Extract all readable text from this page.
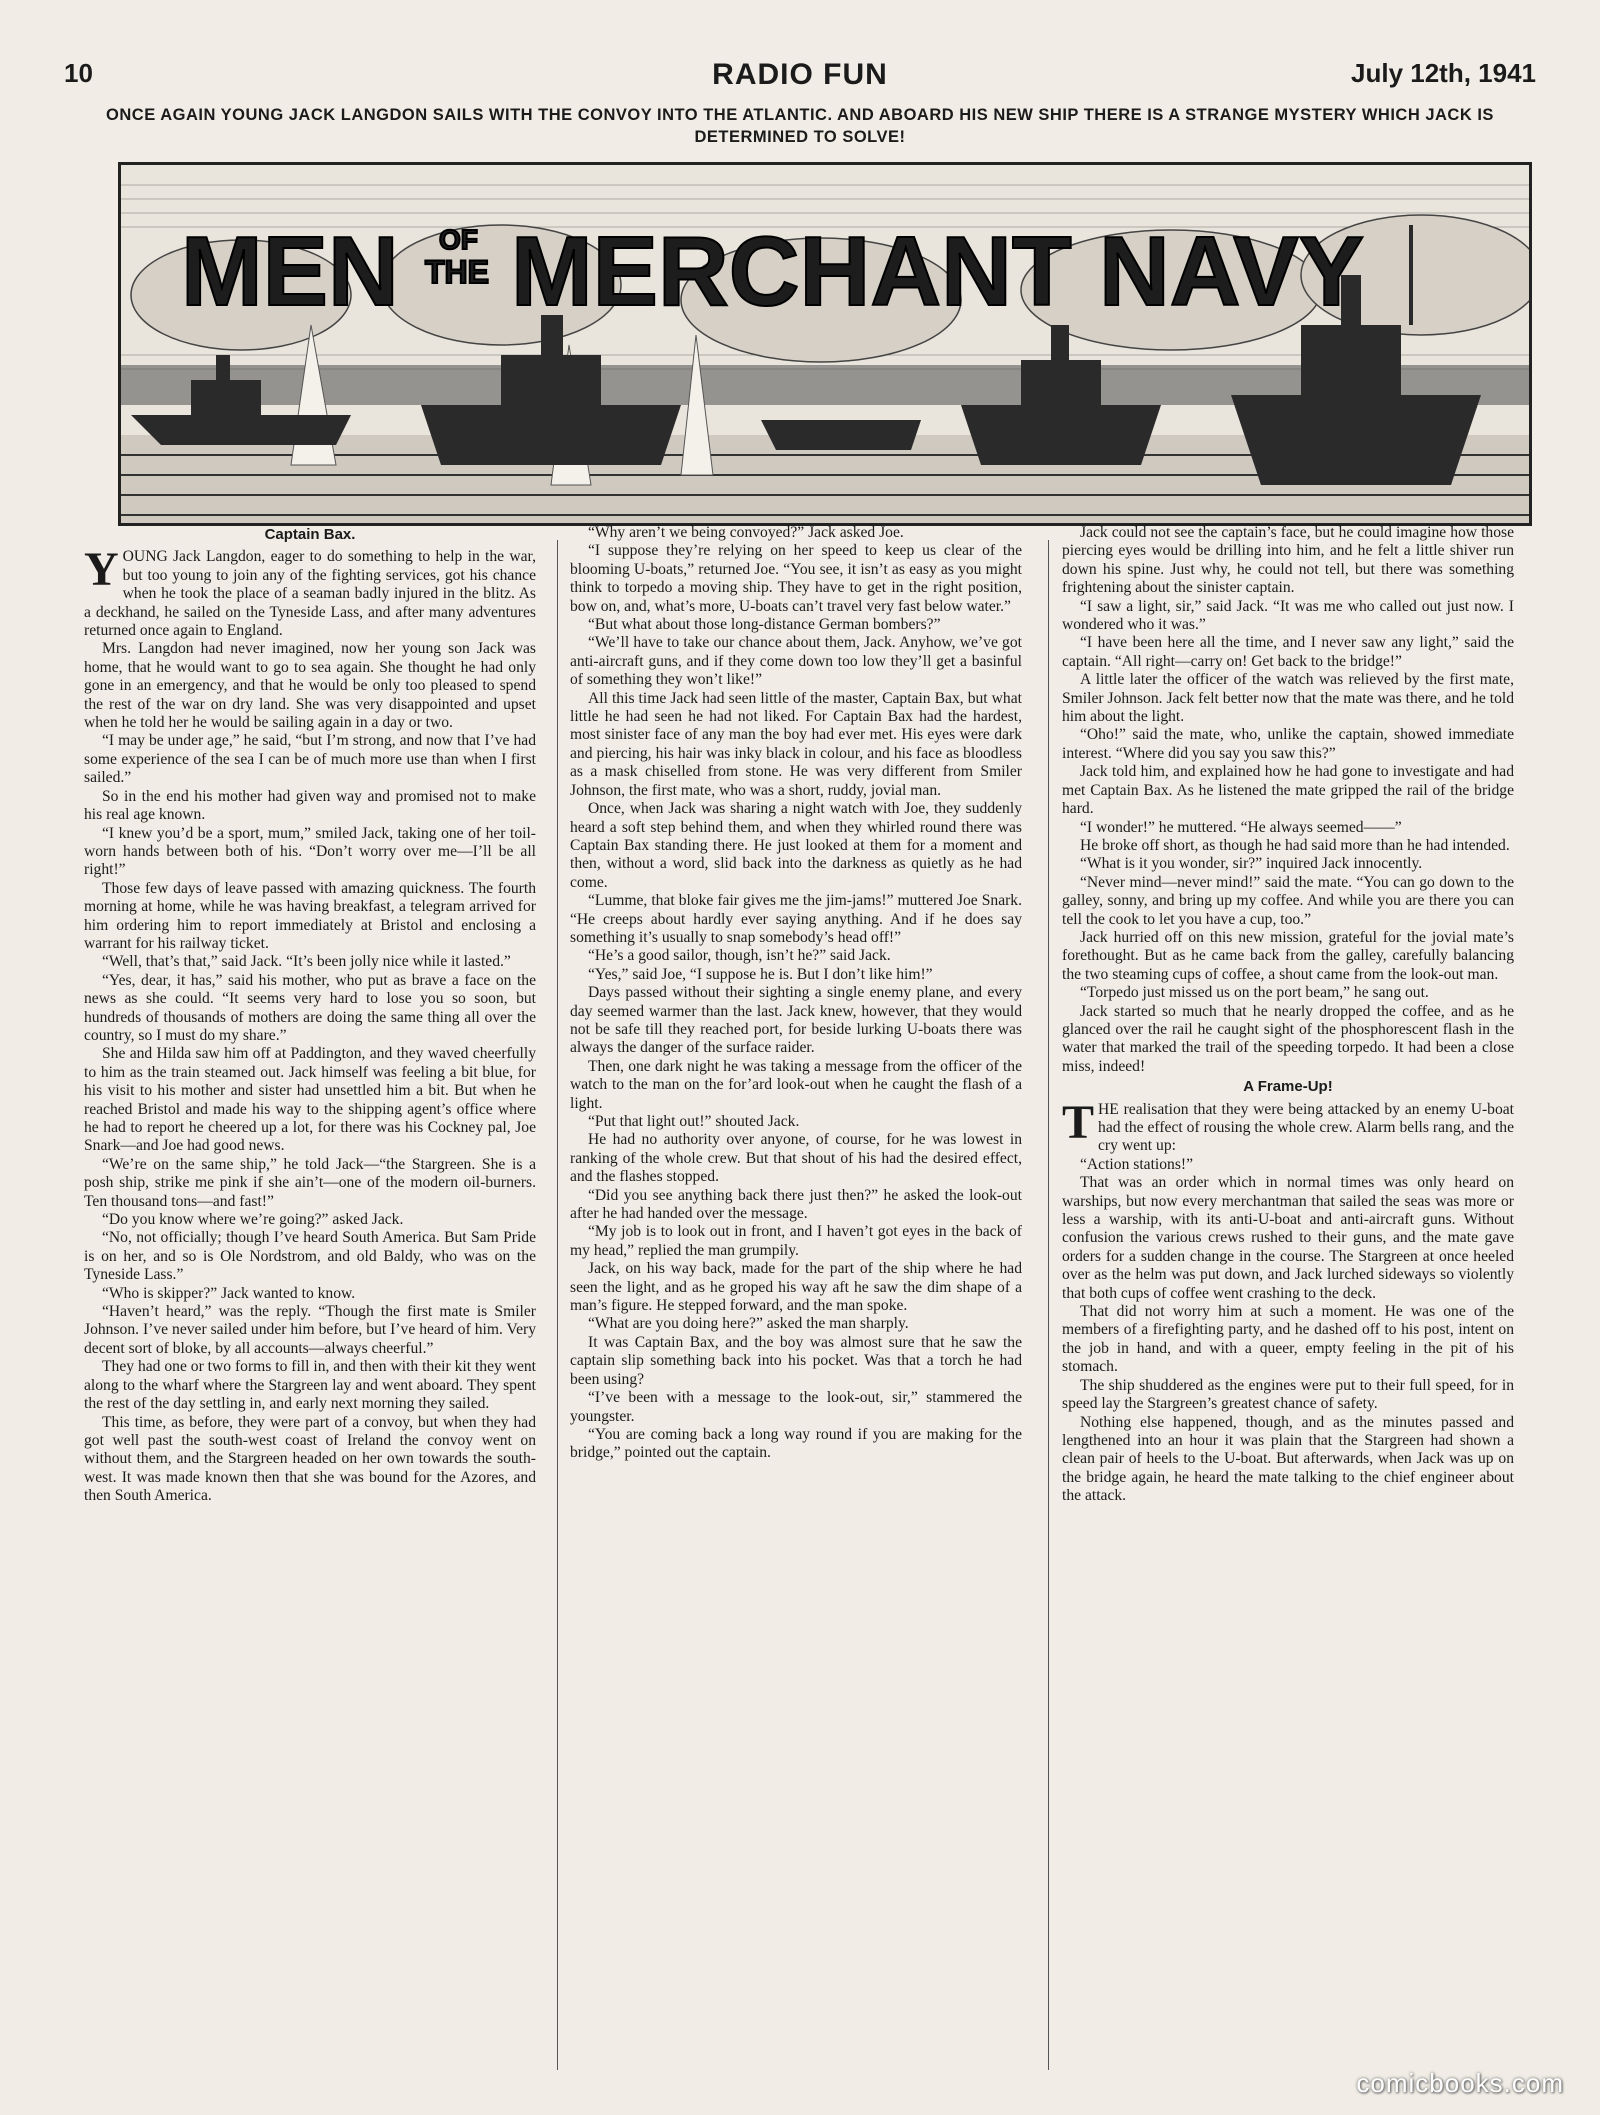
10	RADIO FUN	July 12th, 1941
ONCE AGAIN YOUNG JACK LANGDON SAILS WITH THE CONVOY INTO THE ATLANTIC. AND ABOARD HIS NEW SHIP THERE IS A STRANGE MYSTERY WHICH JACK IS DETERMINED TO SOLVE!
MEN OF
THE MERCHANT NAVY
Captain Bax.

YOUNG Jack Langdon, eager to do something to help in the war, but too young to join any of the fighting services, got his chance when he took the place of a seaman badly injured in the blitz. As a deckhand, he sailed on the Tyneside Lass, and after many adventures returned once again to England.

Mrs. Langdon had never imagined, now her young son Jack was home, that he would want to go to sea again. She thought he had only gone in an emergency, and that he would be only too pleased to spend the rest of the war on dry land. She was very disappointed and upset when he told her he would be sailing again in a day or two.

“I may be under age,” he said, “but I’m strong, and now that I’ve had some experience of the sea I can be of much more use than when I first sailed.”

So in the end his mother had given way and promised not to make his real age known.

“I knew you’d be a sport, mum,” smiled Jack, taking one of her toil-worn hands between both of his. “Don’t worry over me—I’ll be all right!”

Those few days of leave passed with amazing quickness. The fourth morning at home, while he was having breakfast, a telegram arrived for him ordering him to report immediately at Bristol and enclosing a warrant for his railway ticket.

“Well, that’s that,” said Jack. “It’s been jolly nice while it lasted.”

“Yes, dear, it has,” said his mother, who put as brave a face on the news as she could. “It seems very hard to lose you so soon, but hundreds of thousands of mothers are doing the same thing all over the country, so I must do my share.”

She and Hilda saw him off at Paddington, and they waved cheerfully to him as the train steamed out. Jack himself was feeling a bit blue, for his visit to his mother and sister had unsettled him a bit. But when he reached Bristol and made his way to the shipping agent’s office where he had to report he cheered up a lot, for there was his Cockney pal, Joe Snark—and Joe had good news.

“We’re on the same ship,” he told Jack—“the Stargreen. She is a posh ship, strike me pink if she ain’t—one of the modern oil-burners. Ten thousand tons—and fast!”

“Do you know where we’re going?” asked Jack.

“No, not officially; though I’ve heard South America. But Sam Pride is on her, and so is Ole Nordstrom, and old Baldy, who was on the Tyneside Lass.”

“Who is skipper?” Jack wanted to know.

“Haven’t heard,” was the reply. “Though the first mate is Smiler Johnson. I’ve never sailed under him before, but I’ve heard of him. Very decent sort of bloke, by all accounts—always cheerful.”

They had one or two forms to fill in, and then with their kit they went along to the wharf where the Stargreen lay and went aboard. They spent the rest of the day settling in, and early next morning they sailed.

This time, as before, they were part of a convoy, but when they had got well past the south-west coast of Ireland the convoy went on without them, and the Stargreen headed on her own towards the south-west. It was made known then that she was bound for the Azores, and then South America.

“Why aren’t we being convoyed?” Jack asked Joe.

“I suppose they’re relying on her speed to keep us clear of the blooming U-boats,” returned Joe. “You see, it isn’t as easy as you might think to torpedo a moving ship. They have to get in the right position, bow on, and, what’s more, U-boats can’t travel very fast below water.”

“But what about those long-distance German bombers?”

“We’ll have to take our chance about them, Jack. Anyhow, we’ve got anti-aircraft guns, and if they come down too low they’ll get a basinful of something they won’t like!”

All this time Jack had seen little of the master, Captain Bax, but what little he had seen he had not liked. For Captain Bax had the hardest, most sinister face of any man the boy had ever met. His eyes were dark and piercing, his hair was inky black in colour, and his face as bloodless as a mask chiselled from stone. He was very different from Smiler Johnson, the first mate, who was a short, ruddy, jovial man.

Once, when Jack was sharing a night watch with Joe, they suddenly heard a soft step behind them, and when they whirled round there was Captain Bax standing there. He just looked at them for a moment and then, without a word, slid back into the darkness as quietly as he had come.

“Lumme, that bloke fair gives me the jim-jams!” muttered Joe Snark. “He creeps about hardly ever saying anything. And if he does say something it’s usually to snap somebody’s head off!”

“He’s a good sailor, though, isn’t he?” said Jack.

“Yes,” said Joe, “I suppose he is. But I don’t like him!”

Days passed without their sighting a single enemy plane, and every day seemed warmer than the last. Jack knew, however, that they would not be safe till they reached port, for beside lurking U-boats there was always the danger of the surface raider.

Then, one dark night he was taking a message from the officer of the watch to the man on the for’ard look-out when he caught the flash of a light.

“Put that light out!” shouted Jack.

He had no authority over anyone, of course, for he was lowest in ranking of the whole crew. But that shout of his had the desired effect, and the flashes stopped.

“Did you see anything back there just then?” he asked the look-out after he had handed over the message.

“My job is to look out in front, and I haven’t got eyes in the back of my head,” replied the man grumpily.

Jack, on his way back, made for the part of the ship where he had seen the light, and as he groped his way aft he saw the dim shape of a man’s figure. He stepped forward, and the man spoke.

“What are you doing here?” asked the man sharply.

It was Captain Bax, and the boy was almost sure that he saw the captain slip something back into his pocket. Was that a torch he had been using?

“I’ve been with a message to the look-out, sir,” stammered the youngster.

“You are coming back a long way round if you are making for the bridge,” pointed out the captain.

Jack could not see the captain’s face, but he could imagine how those piercing eyes would be drilling into him, and he felt a little shiver run down his spine. Just why, he could not tell, but there was something frightening about the sinister captain.

“I saw a light, sir,” said Jack. “It was me who called out just now. I wondered who it was.”

“I have been here all the time, and I never saw any light,” said the captain. “All right—carry on! Get back to the bridge!”

A little later the officer of the watch was relieved by the first mate, Smiler Johnson. Jack felt better now that the mate was there, and he told him about the light.

“Oho!” said the mate, who, unlike the captain, showed immediate interest. “Where did you say you saw this?”

Jack told him, and explained how he had gone to investigate and had met Captain Bax. As he listened the mate gripped the rail of the bridge hard.

“I wonder!” he muttered. “He always seemed——”

He broke off short, as though he had said more than he had intended.

“What is it you wonder, sir?” inquired Jack innocently.

“Never mind—never mind!” said the mate. “You can go down to the galley, sonny, and bring up my coffee. And while you are there you can tell the cook to let you have a cup, too.”

Jack hurried off on this new mission, grateful for the jovial mate’s forethought. But as he came back from the galley, carefully balancing the two steaming cups of coffee, a shout came from the look-out man.

“Torpedo just missed us on the port beam,” he sang out.

Jack started so much that he nearly dropped the coffee, and as he glanced over the rail he caught sight of the phosphorescent flash in the water that marked the trail of the speeding torpedo. It had been a close miss, indeed!

A Frame-Up!

THE realisation that they were being attacked by an enemy U-boat had the effect of rousing the whole crew. Alarm bells rang, and the cry went up:

“Action stations!”

That was an order which in normal times was only heard on warships, but now every merchantman that sailed the seas was more or less a warship, with its anti-U-boat and anti-aircraft guns. Without confusion the various crews rushed to their guns, and the mate gave orders for a sudden change in the course. The Stargreen at once heeled over as the helm was put down, and Jack lurched sideways so violently that both cups of coffee went crashing to the deck.

That did not worry him at such a moment. He was one of the members of a firefighting party, and he dashed off to his post, intent on the job in hand, and with a queer, empty feeling in the pit of his stomach.

The ship shuddered as the engines were put to their full speed, for in speed lay the Stargreen’s greatest chance of safety.

Nothing else happened, though, and as the minutes passed and lengthened into an hour it was plain that the Stargreen had shown a clean pair of heels to the U-boat. But afterwards, when Jack was up on the bridge again, he heard the mate talking to the chief engineer about the attack.

comicbooks.com
